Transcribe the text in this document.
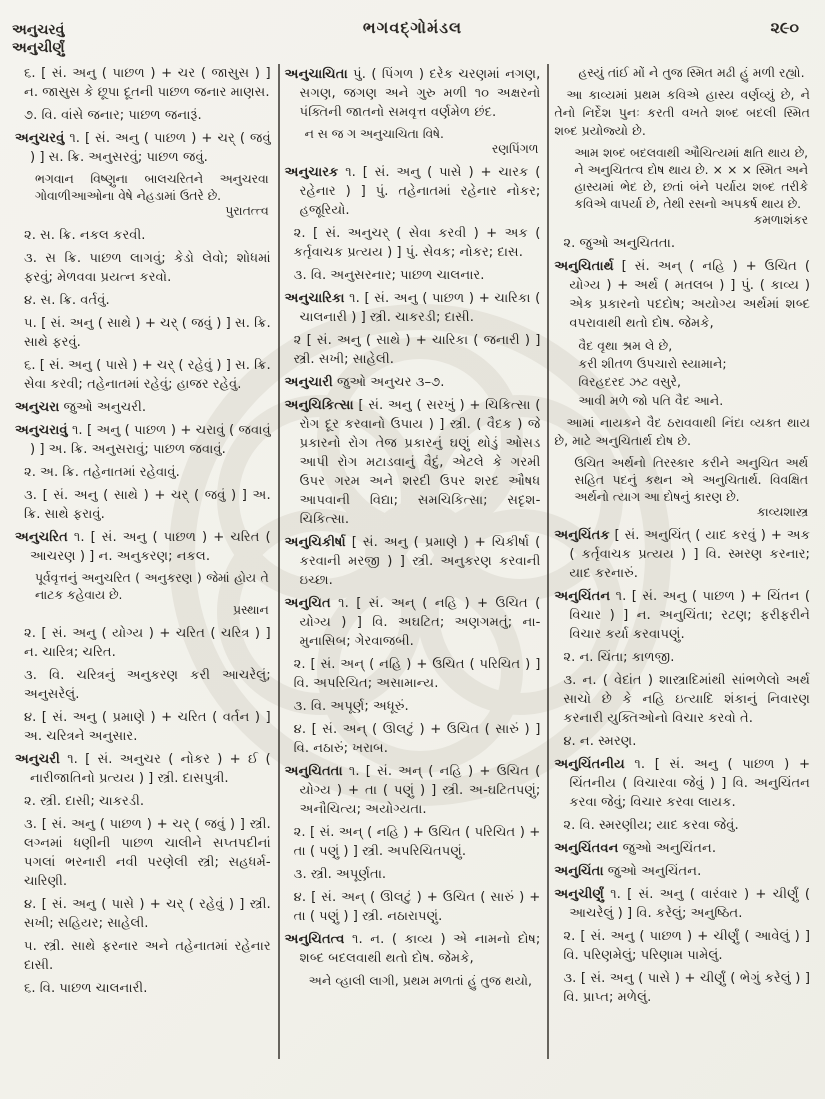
અનુચરવું
અનુચીર્ણું
ભગવદ્ગોમંડલ	૨૯૦

૬. [ સં. અનુ ( પાછળ ) + ચર ( જાસુસ ) ] ન. જાસુસ કે છૂપા દૂતની પાછળ જનાર માણસ.

૭. વિ. વાંસે જનાર; પાછળ જનારૂં.

અનુચરવું ૧. [ સં. અનુ ( પાછળ ) + ચર્ ( જવું ) ] સ. ક્રિ. અનુસરવું; પાછળ જવું.

ભગવાન વિષ્ણુના બાલચરિતને અનુચરવા ગોવાળીઆઓના વેષે નેહડામાં ઉતરે છે.

પુરાતત્ત્વ

૨. સ. ક્રિ. નકલ કરવી.

૩. સ ક્રિ. પાછળ લાગવું; કેડો લેવો; શોધમાં ફરવું; મેળવવા પ્રયત્ન કરવો.

૪. સ. ક્રિ. વર્તવું.

૫. [ સં. અનુ ( સાથે ) + ચર્ ( જવું ) ] સ. ક્રિ. સાથે ફરવું.

૬. [ સં. અનુ ( પાસે ) + ચર્ ( રહેવું ) ] સ. ક્રિ. સેવા કરવી; તહેનાતમાં રહેવું; હાજર રહેવું.

અનુચરા જુઓ અનુચરી.

અનુચરાવું ૧. [ અનુ ( પાછળ ) + ચરાવું ( જવાવું ) ] અ. ક્રિ. અનુસરાવું; પાછળ જવાવું.

૨. અ. ક્રિ. તહેનાતમાં રહેવાવું.

૩. [ સં. અનુ ( સાથે ) + ચર્ ( જવું ) ] અ. ક્રિ. સાથે ફરાવું.

અનુચરિત ૧. [ સં. અનુ ( પાછળ ) + ચરિત ( આચરણ ) ] ન. અનુકરણ; નકલ.

પૂર્વવૃત્તનું અનુચરિત ( અનુકરણ ) જેમાં હોય તે નાટક કહેવાય છે.

પ્રસ્થાન

૨. [ સં. અનુ ( યોગ્ય ) + ચરિત ( ચરિત્ર ) ] ન. ચારિત્ર; ચરિત.

૩. વિ. ચરિત્રનું અનુકરણ કરી આચરેલું; અનુસરેલું.

૪. [ સં. અનુ ( પ્રમાણે ) + ચરિત ( વર્તન ) ] અ. ચરિત્રને અનુસાર.

અનુચરી ૧. [ સં. અનુચર ( નોકર ) + ઈ ( નારીજાતિનો પ્રત્યય ) ] સ્ત્રી. દાસપુત્રી.

૨. સ્ત્રી. દાસી; ચાકરડી.

૩. [ સં. અનુ ( પાછળ ) + ચર્ ( જવું ) ] સ્ત્રી. લગ્નમાં ધણીની પાછળ ચાલીને સપ્તપદીનાં પગલાં ભરનારી નવી પરણેલી સ્ત્રી; સહધર્મ-ચારિણી.

૪. [ સં. અનુ ( પાસે ) + ચર્ ( રહેવું ) ] સ્ત્રી. સખી; સહિયર; સાહેલી.

૫. સ્ત્રી. સાથે ફરનાર અને તહેનાતમાં રહેનાર દાસી.

૬. વિ. પાછળ ચાલનારી.

અનુચાચિતા પું. ( પિંગળ ) દરેક ચરણમાં નગણ, સગણ, જગણ અને ગુરુ મળી ૧૦ અક્ષરનો પંક્તિની જાતનો સમવૃત્ત વર્ણમેળ છંદ.

ન સ જ ગ અનુચાચિતા વિષે.

રણપિંગળ

અનુચારક ૧. [ સં. અનુ ( પાસે ) + ચારક ( રહેનાર ) ] પું. તહેનાતમાં રહેનાર નોકર; હજૂરિયો.

૨. [ સં. અનુચર્ ( સેવા કરવી ) + અક ( કર્તૃવાચક પ્રત્યય ) ] પું. સેવક; નોકર; દાસ.

૩. વિ. અનુસરનાર; પાછળ ચાલનાર.

અનુચારિકા ૧. [ સં. અનુ ( પાછળ ) + ચારિકા ( ચાલનારી ) ] સ્ત્રી. ચાકરડી; દાસી.

૨ [ સં. અનુ ( સાથે ) + ચારિકા ( જનારી ) ] સ્ત્રી. સખી; સાહેલી.

અનુચારી જુઓ અનુચર ૩–૭.

અનુચિકિત્સા [ સં. અનુ ( સરખું ) + ચિકિત્સા ( રોગ દૂર કરવાનો ઉપાય ) ] સ્ત્રી. ( વૈદક ) જે પ્રકારનો રોગ તેજ પ્રકારનું ઘણું થોડું ઓસડ આપી રોગ મટાડવાનું વૈદું, એટલે કે ગરમી ઉપર ગરમ અને શરદી ઉપર શરદ ઔષધ આપવાની વિદ્યા; સમચિકિત્સા; સદૃશ-ચિકિત્સા.

અનુચિકીર્ષા [ સં. અનુ ( પ્રમાણે ) + ચિકીર્ષા ( કરવાની મરજી ) ] સ્ત્રી. અનુકરણ કરવાની ઇચ્છા.

અનુચિત ૧. [ સં. અન્ ( નહિ ) + ઉચિત ( યોગ્ય ) ] વિ. અઘટિત; અણગમતું; ના-મુનાસિબ; ગેરવાજબી.

૨. [ સં. અન્ ( નહિ ) + ઉચિત ( પરિચિત ) ] વિ. અપરિચિત; અસામાન્ય.

૩. વિ. અપૂર્ણ; અધૂરું.

૪. [ સં. અન્ ( ઊલટું ) + ઉચિત ( સારું ) ] વિ. નઠારું; ખરાબ.

અનુચિતતા ૧. [ સં. અન્ ( નહિ ) + ઉચિત ( યોગ્ય ) + તા ( પણું ) ] સ્ત્રી. અ-ઘટિતપણું; અનૌચિત્ય; અયોગ્યતા.

૨. [ સં. અન્ ( નહિ ) + ઉચિત ( પરિચિત ) + તા ( પણું ) ] સ્ત્રી. અપરિચિતપણું.

૩. સ્ત્રી. અપૂર્ણતા.

૪. [ સં. અન્ ( ઊલટું ) + ઉચિત ( સારું ) + તા ( પણું ) ] સ્ત્રી. નઠારાપણું.

અનુચિતત્વ ૧. ન. ( કાવ્ય ) એ નામનો દોષ; શબ્દ બદલવાથી થતો દોષ. જેમકે,

અને વ્હાલી લાગી, પ્રથમ મળતાં હું તુજ થયો,

હસ્યું તાંઈ મોં ને તુજ સ્મિત મઢી હું મળી રહ્યો.

આ કાવ્યમાં પ્રથમ કવિએ હાસ્ય વર્ણવ્યું છે, ને તેનો નિર્દેશ પુનઃ કરતી વખતે શબ્દ બદલી સ્મિત શબ્દ પ્રયોજ્યો છે.

આમ શબ્દ બદલવાથી ઔચિત્યમાં ક્ષતિ થાય છે, ને અનુચિતત્વ દોષ થાય છે. × × × સ્મિત અને હાસ્યમાં ભેદ છે, છતાં બંને પર્યાય શબ્દ તરીકે કવિએ વાપર્યા છે, તેથી રસનો અપકર્ષ થાય છે.

કમળાશંકર

૨. જુઓ અનુચિતતા.

અનુચિતાર્થ [ સં. અન્ ( નહિ ) + ઉચિત ( યોગ્ય ) + અર્થ ( મતલબ ) ] પું. ( કાવ્ય ) એક પ્રકારનો પદદોષ; અયોગ્ય અર્થમાં શબ્દ વપરાવાથી થતો દોષ. જેમકે,

વૈદ વૃથા શ્રમ લે છે,

કરી શીતળ ઉપચારો સ્યામાને;

વિરહદરદ ઝટ વસુરે,

આવી મળે જો પતિ વૈદ આને.

આમાં નાયકને વૈદ ઠરાવવાથી નિંદા વ્યક્ત થાય છે, માટે અનુચિતાર્થ દોષ છે.

ઉચિત અર્થનો તિરસ્કાર કરીને અનુચિત અર્થ સહિત પદનું કથન એ અનુચિતાર્થ. વિવક્ષિત અર્થનો ત્યાગ આ દોષનું કારણ છે.

કાવ્યશાસ્ત્ર

અનુચિંતક [ સં. અનુચિંત્ ( યાદ કરવું ) + અક ( કર્તૃવાચક પ્રત્યય ) ] વિ. સ્મરણ કરનાર; યાદ કરનારું.

અનુચિંતન ૧. [ સં. અનુ ( પાછળ ) + ચિંતન ( વિચાર ) ] ન. અનુચિંતા; રટણ; ફરીફરીને વિચાર કર્યા કરવાપણું.

૨. ન. ચિંતા; કાળજી.

૩. ન. ( વેદાંત ) શાસ્ત્રાદિમાંથી સાંભળેલો અર્થ સાચો છે કે નહિ ઇત્યાદિ શંકાનું નિવારણ કરનારી યુક્તિઓનો વિચાર કરવો તે.

૪. ન. સ્મરણ.

અનુચિંતનીય ૧. [ સં. અનુ ( પાછળ ) + ચિંતનીય ( વિચારવા જેવું ) ] વિ. અનુચિંતન કરવા જેવું; વિચાર કરવા લાયક.

૨. વિ. સ્મરણીય; યાદ કરવા જેવું.

અનુચિંતવન જુઓ અનુચિંતન.

અનુચિંતા જુઓ અનુચિંતન.

અનુચીર્ણું ૧. [ સં. અનુ ( વારંવાર ) + ચીર્ણું ( આચરેલું ) ] વિ. કરેલું; અનુષ્ઠિત.

૨. [ સં. અનુ ( પાછળ ) + ચીર્ણું ( આવેલું ) ] વિ. પરિણમેલું; પરિણામ પામેલું.

૩. [ સં. અનુ ( પાસે ) + ચીર્ણું ( ભેગું કરેલું ) ] વિ. પ્રાપ્ત; મળેલું.
